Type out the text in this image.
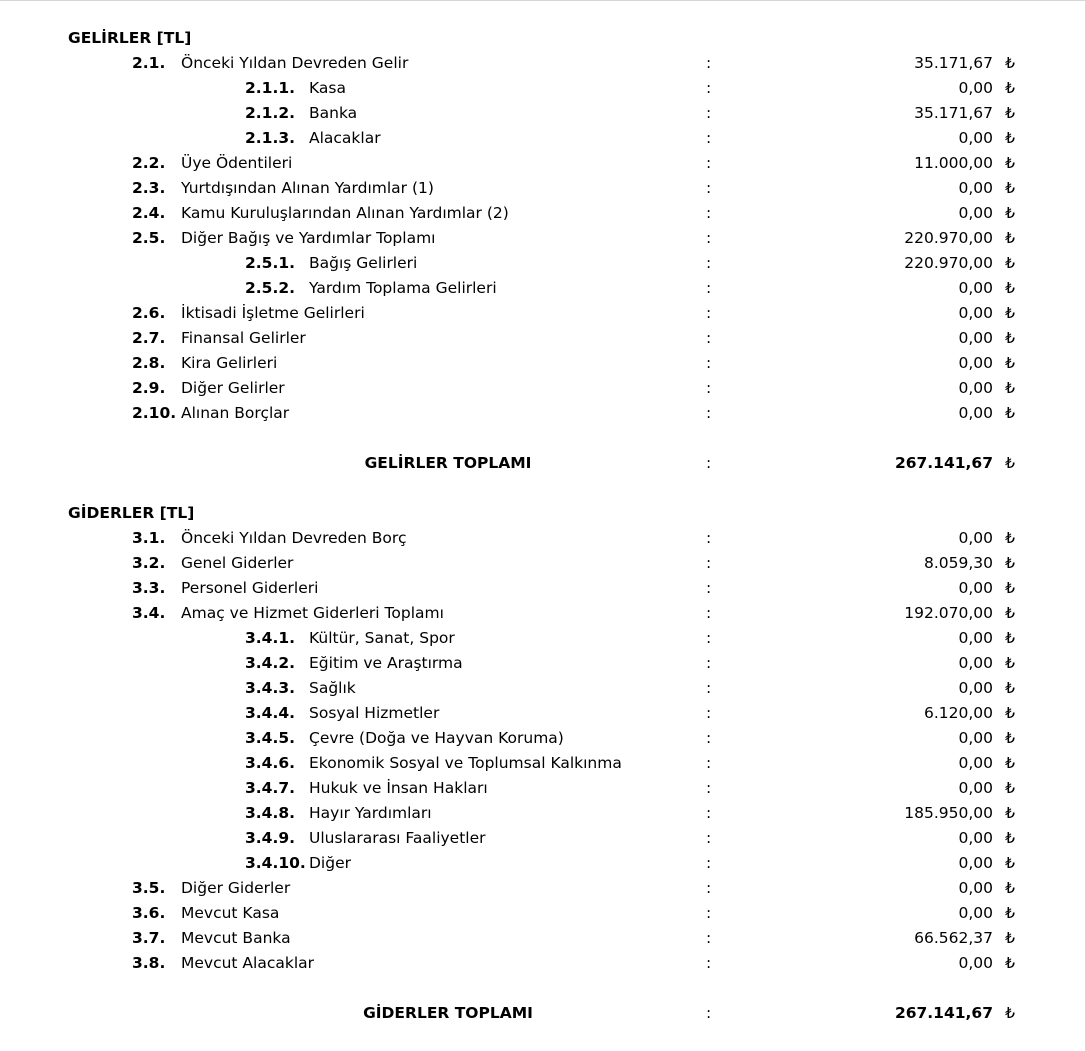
GELİRLER [TL]
2.1. Önceki Yıldan Devreden Gelir	:	35.171,67 ₺
2.1.1. Kasa	:	0,00 ₺
2.1.2. Banka	:	35.171,67 ₺
2.1.3. Alacaklar	:	0,00 ₺
2.2. Üye Ödentileri	:	11.000,00 ₺
2.3. Yurtdışından Alınan Yardımlar (1)	:	0,00 ₺
2.4. Kamu Kuruluşlarından Alınan Yardımlar (2)	:	0,00 ₺
2.5. Diğer Bağış ve Yardımlar Toplamı	:	220.970,00 ₺
2.5.1. Bağış Gelirleri	:	220.970,00 ₺
2.5.2. Yardım Toplama Gelirleri	:	0,00 ₺
2.6. İktisadi İşletme Gelirleri	:	0,00 ₺
2.7. Finansal Gelirler	:	0,00 ₺
2.8. Kira Gelirleri	:	0,00 ₺
2.9. Diğer Gelirler	:	0,00 ₺
2.10. Alınan Borçlar	:	0,00 ₺
GELİRLER TOPLAMI	:	267.141,67 ₺
GİDERLER [TL]
3.1. Önceki Yıldan Devreden Borç	:	0,00 ₺
3.2. Genel Giderler	:	8.059,30 ₺
3.3. Personel Giderleri	:	0,00 ₺
3.4. Amaç ve Hizmet Giderleri Toplamı	:	192.070,00 ₺
3.4.1. Kültür, Sanat, Spor	:	0,00 ₺
3.4.2. Eğitim ve Araştırma	:	0,00 ₺
3.4.3. Sağlık	:	0,00 ₺
3.4.4. Sosyal Hizmetler	:	6.120,00 ₺
3.4.5. Çevre (Doğa ve Hayvan Koruma)	:	0,00 ₺
3.4.6. Ekonomik Sosyal ve Toplumsal Kalkınma	:	0,00 ₺
3.4.7. Hukuk ve İnsan Hakları	:	0,00 ₺
3.4.8. Hayır Yardımları	:	185.950,00 ₺
3.4.9. Uluslararası Faaliyetler	:	0,00 ₺
3.4.10. Diğer	:	0,00 ₺
3.5. Diğer Giderler	:	0,00 ₺
3.6. Mevcut Kasa	:	0,00 ₺
3.7. Mevcut Banka	:	66.562,37 ₺
3.8. Mevcut Alacaklar	:	0,00 ₺
GİDERLER TOPLAMI	:	267.141,67 ₺
